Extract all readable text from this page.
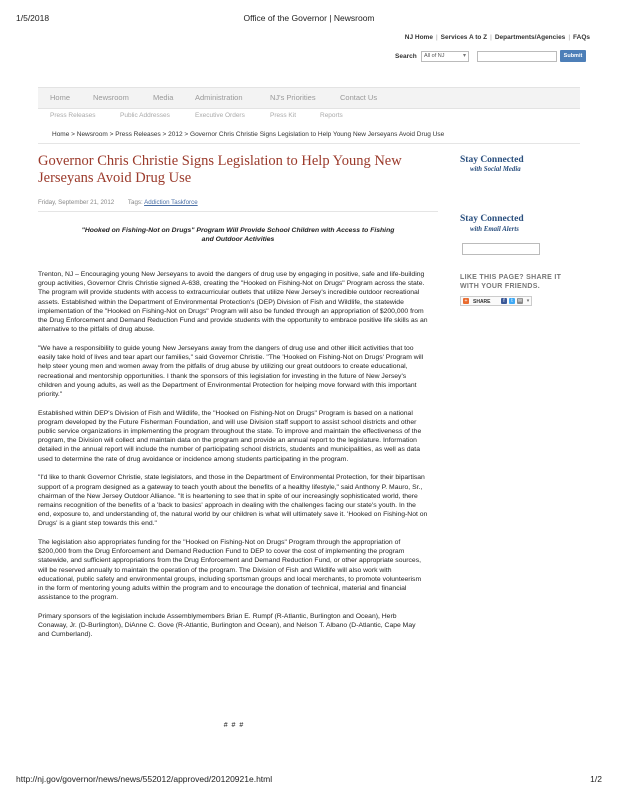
1/5/2018	Office of the Governor | Newsroom
NJ Home | Services A to Z | Departments/Agencies | FAQs
Search	All of NJ	▾	Submit
Home	Newsroom	Media	Administration	NJ's Priorities	Contact Us
Press Releases	Public Addresses	Executive Orders	Press Kit	Reports
Home > Newsroom > Press Releases > 2012 > Governor Chris Christie Signs Legislation to Help Young New Jerseyans Avoid Drug Use
Governor Chris Christie Signs Legislation to Help Young New Jerseyans Avoid Drug Use
Friday, September 21, 2012 Tags: Addiction Taskforce
"Hooked on Fishing-Not on Drugs" Program Will Provide School Children with Access to Fishing and Outdoor Activities

Trenton, NJ – Encouraging young New Jerseyans to avoid the dangers of drug use by engaging in positive, safe and life-building group activities, Governor Chris Christie signed A-638, creating the "Hooked on Fishing-Not on Drugs" Program across the state. The program will provide students with access to extracurricular outlets that utilize New Jersey's incredible outdoor recreational assets. Established within the Department of Environmental Protection's (DEP) Division of Fish and Wildlife, the statewide implementation of the "Hooked on Fishing-Not on Drugs" Program will also be funded through an appropriation of $200,000 from the Drug Enforcement and Demand Reduction Fund and provide students with the opportunity to embrace positive life skills as an alternative to the pitfalls of drug abuse.

"We have a responsibility to guide young New Jerseyans away from the dangers of drug use and other illicit activities that too easily take hold of lives and tear apart our families," said Governor Christie. "The 'Hooked on Fishing-Not on Drugs' Program will help steer young men and women away from the pitfalls of drug abuse by utilizing our great outdoors to create educational, recreational and mentorship opportunities. I thank the sponsors of this legislation for investing in the future of New Jersey's children and young adults, as well as the Department of Environmental Protection for helping move forward with this important priority."

Established within DEP's Division of Fish and Wildlife, the "Hooked on Fishing-Not on Drugs" Program is based on a national program developed by the Future Fisherman Foundation, and will use Division staff support to assist school districts and other public service organizations in implementing the program throughout the state. To improve and maintain the effectiveness of the program, the Division will collect and maintain data on the program and provide an annual report to the legislature. Information detailed in the annual report will include the number of participating school districts, students and municipalities, as well as data used to determine the rate of drug avoidance or incidence among students participating in the program.

"I'd like to thank Governor Christie, state legislators, and those in the Department of Environmental Protection, for their bipartisan support of a program designed as a gateway to teach youth about the benefits of a healthy lifestyle," said Anthony P. Mauro, Sr., chairman of the New Jersey Outdoor Alliance. "It is heartening to see that in spite of our increasingly sophisticated world, there remains recognition of the benefits of a 'back to basics' approach in dealing with the challenges facing our state's youth. In the end, exposure to, and understanding of, the natural world by our children is what will ultimately save it. 'Hooked on Fishing-Not on Drugs' is a giant step towards this end."

The legislation also appropriates funding for the "Hooked on Fishing-Not on Drugs" Program through the appropriation of $200,000 from the Drug Enforcement and Demand Reduction Fund to DEP to cover the cost of implementing the program statewide, and sufficient appropriations from the Drug Enforcement and Demand Reduction Fund, or other appropriate sources, will be reserved annually to maintain the operation of the program. The Division of Fish and Wildlife will also work with educational, public safety and environmental groups, including sportsman groups and local merchants, to promote volunteerism in the form of mentoring young adults within the program and to encourage the donation of technical, material and financial assistance to the program.

Primary sponsors of the legislation include Assemblymembers Brian E. Rumpf (R-Atlantic, Burlington and Ocean), Herb Conaway, Jr. (D-Burlington), DiAnne C. Gove (R-Atlantic, Burlington and Ocean), and Nelson T. Albano (D-Atlantic, Cape May and Cumberland).

# # #
Stay Connected
with Social Media
Stay Connected
with Email Alerts
LIKE THIS PAGE? SHARE IT WITH YOUR FRIENDS.
+	SHARE	f	t	✉ ▾
http://nj.gov/governor/news/news/552012/approved/20120921e.html	1/2
